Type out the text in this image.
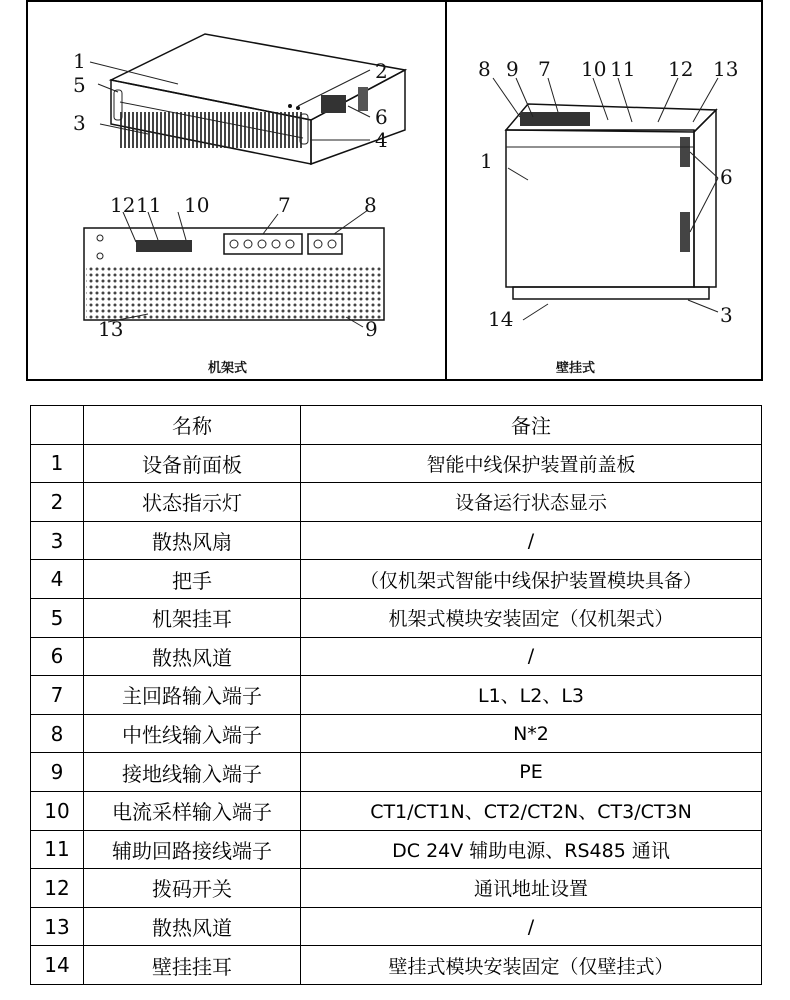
1
5
3
2
6
4
12 11 10	7	8
13	9
机架式
8 9 7 10 11 12 13
1
6
14	3
壁挂式
	名称	备注
1	设备前面板	智能中线保护装置前盖板
2	状态指示灯	设备运行状态显示
3	散热风扇	/
4	把手	（仅机架式智能中线保护装置模块具备）
5	机架挂耳	机架式模块安装固定（仅机架式）
6	散热风道	/
7	主回路输入端子	L1、L2、L3
8	中性线输入端子	N*2
9	接地线输入端子	PE
10	电流采样输入端子	CT1/CT1N、CT2/CT2N、CT3/CT3N
11	辅助回路接线端子	DC 24V 辅助电源、RS485 通讯
12	拨码开关	通讯地址设置
13	散热风道	/
14	壁挂挂耳	壁挂式模块安装固定（仅壁挂式）
